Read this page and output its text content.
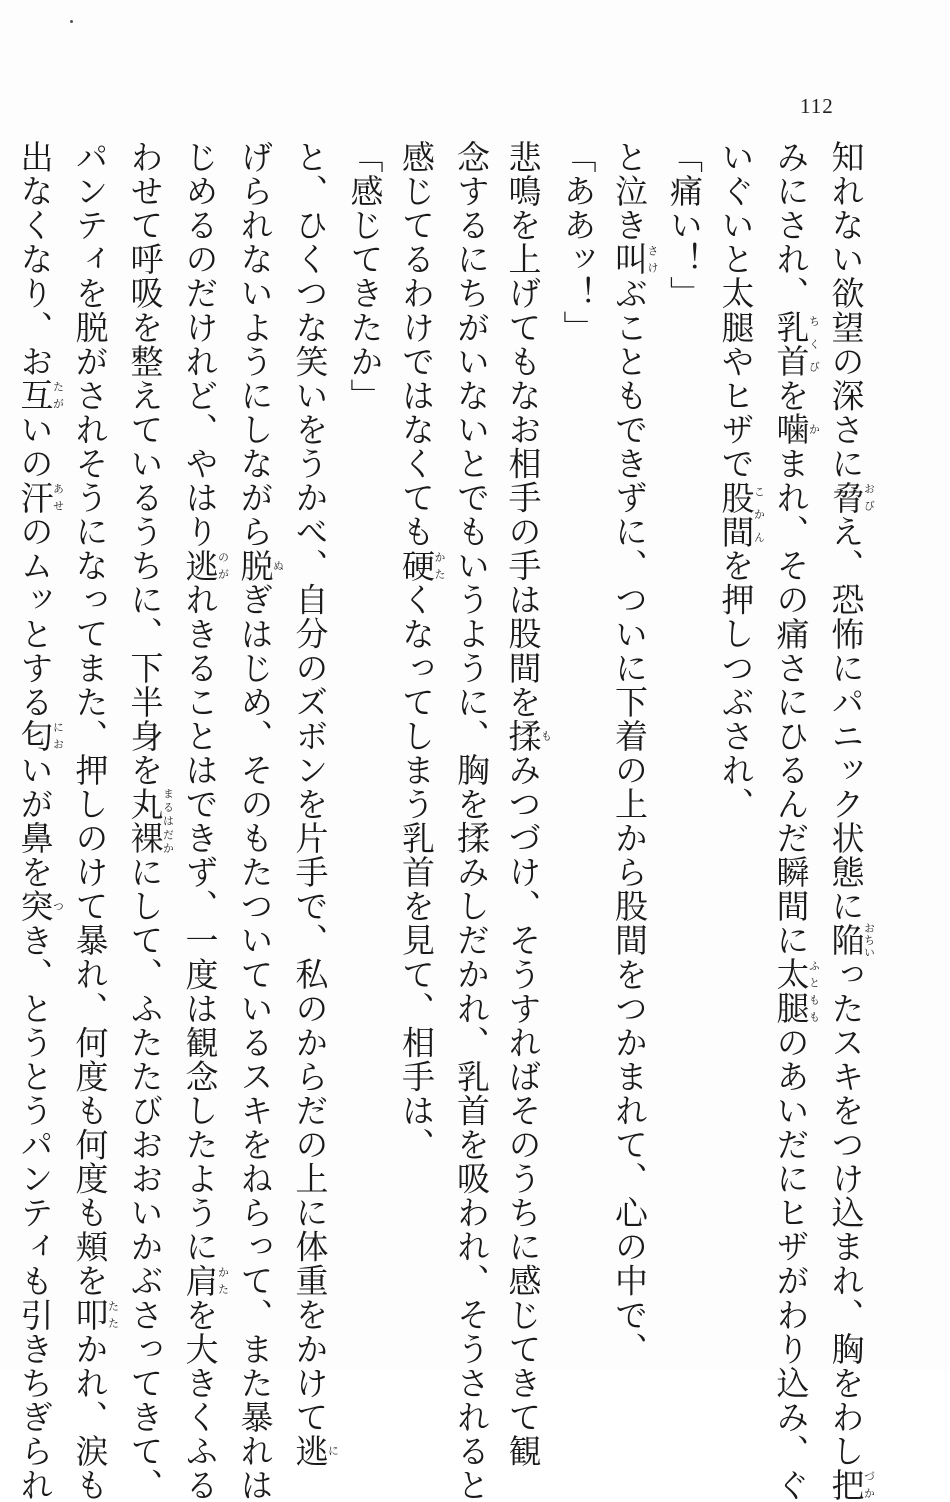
112

知れない欲望の深さに脅おびえ、恐怖にパニック状態に陥おちいったスキをつけ込まれ、胸をわし把づか

みにされ、乳首ちくびを噛かまれ、その痛さにひるんだ瞬間に太腿ふともものあいだにヒザがわり込み、ぐ

いぐいと太腿やヒザで股間こかんを押しつぶされ、

「痛い！」

と泣き叫さけぶこともできずに、ついに下着の上から股間をつかまれて、心の中で、

「ああッ！」

悲鳴を上げてもなお相手の手は股間を揉もみつづけ、そうすればそのうちに感じてきて観

念するにちがいないとでもいうように、胸を揉みしだかれ、乳首を吸われ、そうされると

感じてるわけではなくても硬かたくなってしまう乳首を見て、相手は、

「感じてきたか」

と、ひくつな笑いをうかべ、自分のズボンを片手で、私のからだの上に体重をかけて逃に

げられないようにしながら脱ぬぎはじめ、そのもたついているスキをねらって、また暴れは

じめるのだけれど、やはり逃のがれきることはできず、一度は観念したように肩かたを大きくふる

わせて呼吸を整えているうちに、下半身を丸裸まるはだかにして、ふたたびおおいかぶさってきて、

パンティを脱がされそうになってまた、押しのけて暴れ、何度も何度も頬を叩たたかれ、涙も

出なくなり、お互たがいの汗あせのムッとする匂においが鼻を突つき、とうとうパンティも引きちぎられ
